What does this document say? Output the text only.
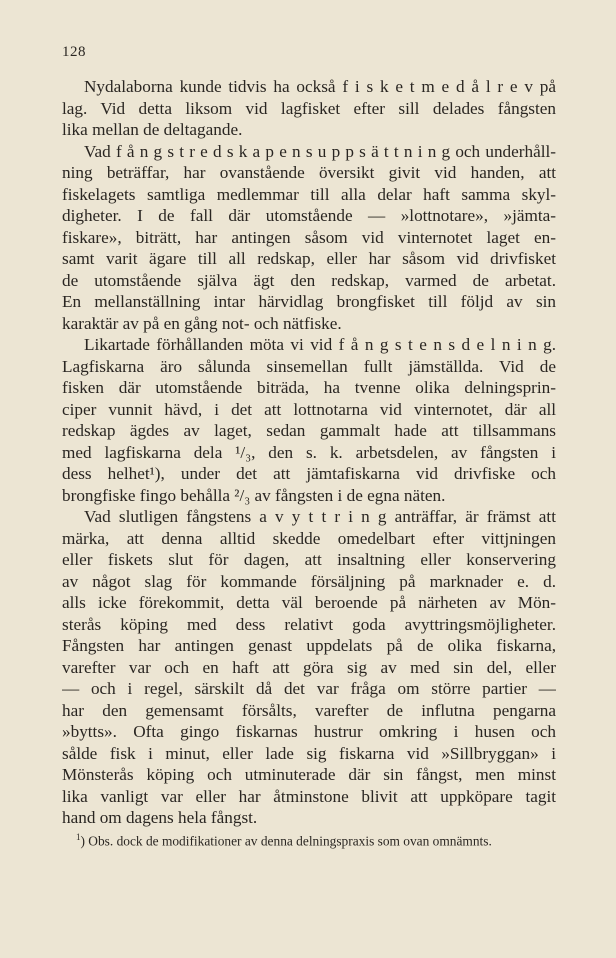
128
Nydalaborna kunde tidvis ha också f i s k e t m e d å l r e v på
lag. Vid detta liksom vid lagfisket efter sill delades fångsten
lika mellan de deltagande.
Vad f å n g s t r e d s k a p e n s u p p s ä t t n i n g och underhåll-
ning beträffar, har ovanstående översikt givit vid handen, att
fiskelagets samtliga medlemmar till alla delar haft samma skyl-
digheter. I de fall där utomstående — »lottnotare», »jämta-
fiskare», biträtt, har antingen såsom vid vinternotet laget en-
samt varit ägare till all redskap, eller har såsom vid drivfisket
de utomstående själva ägt den redskap, varmed de arbetat.
En mellanställning intar härvidlag brongfisket till följd av sin
karaktär av på en gång not- och nätfiske.
Likartade förhållanden möta vi vid f å n g s t e n s d e l n i n g.
Lagfiskarna äro sålunda sinsemellan fullt jämställda. Vid de
fisken där utomstående biträda, ha tvenne olika delningsprin-
ciper vunnit hävd, i det att lottnotarna vid vinternotet, där all
redskap ägdes av laget, sedan gammalt hade att tillsammans
med lagfiskarna dela ¹/₃, den s. k. arbetsdelen, av fångsten i
dess helhet¹), under det att jämtafiskarna vid drivfiske och
brongfiske fingo behålla ²/₃ av fångsten i de egna näten.
Vad slutligen fångstens a v y t t r i n g anträffar, är främst att
märka, att denna alltid skedde omedelbart efter vittjningen
eller fiskets slut för dagen, att insaltning eller konservering
av något slag för kommande försäljning på marknader e. d.
alls icke förekommit, detta väl beroende på närheten av Mön-
sterås köping med dess relativt goda avyttringsmöjligheter.
Fångsten har antingen genast uppdelats på de olika fiskarna,
varefter var och en haft att göra sig av med sin del, eller
— och i regel, särskilt då det var fråga om större partier —
har den gemensamt försålts, varefter de influtna pengarna
»bytts». Ofta gingo fiskarnas hustrur omkring i husen och
sålde fisk i minut, eller lade sig fiskarna vid »Sillbryggan» i
Mönsterås köping och utminuterade där sin fångst, men minst
lika vanligt var eller har åtminstone blivit att uppköpare tagit
hand om dagens hela fångst.
$^1$) Obs. dock de modifikationer av denna delningspraxis som ovan omnämnts.
